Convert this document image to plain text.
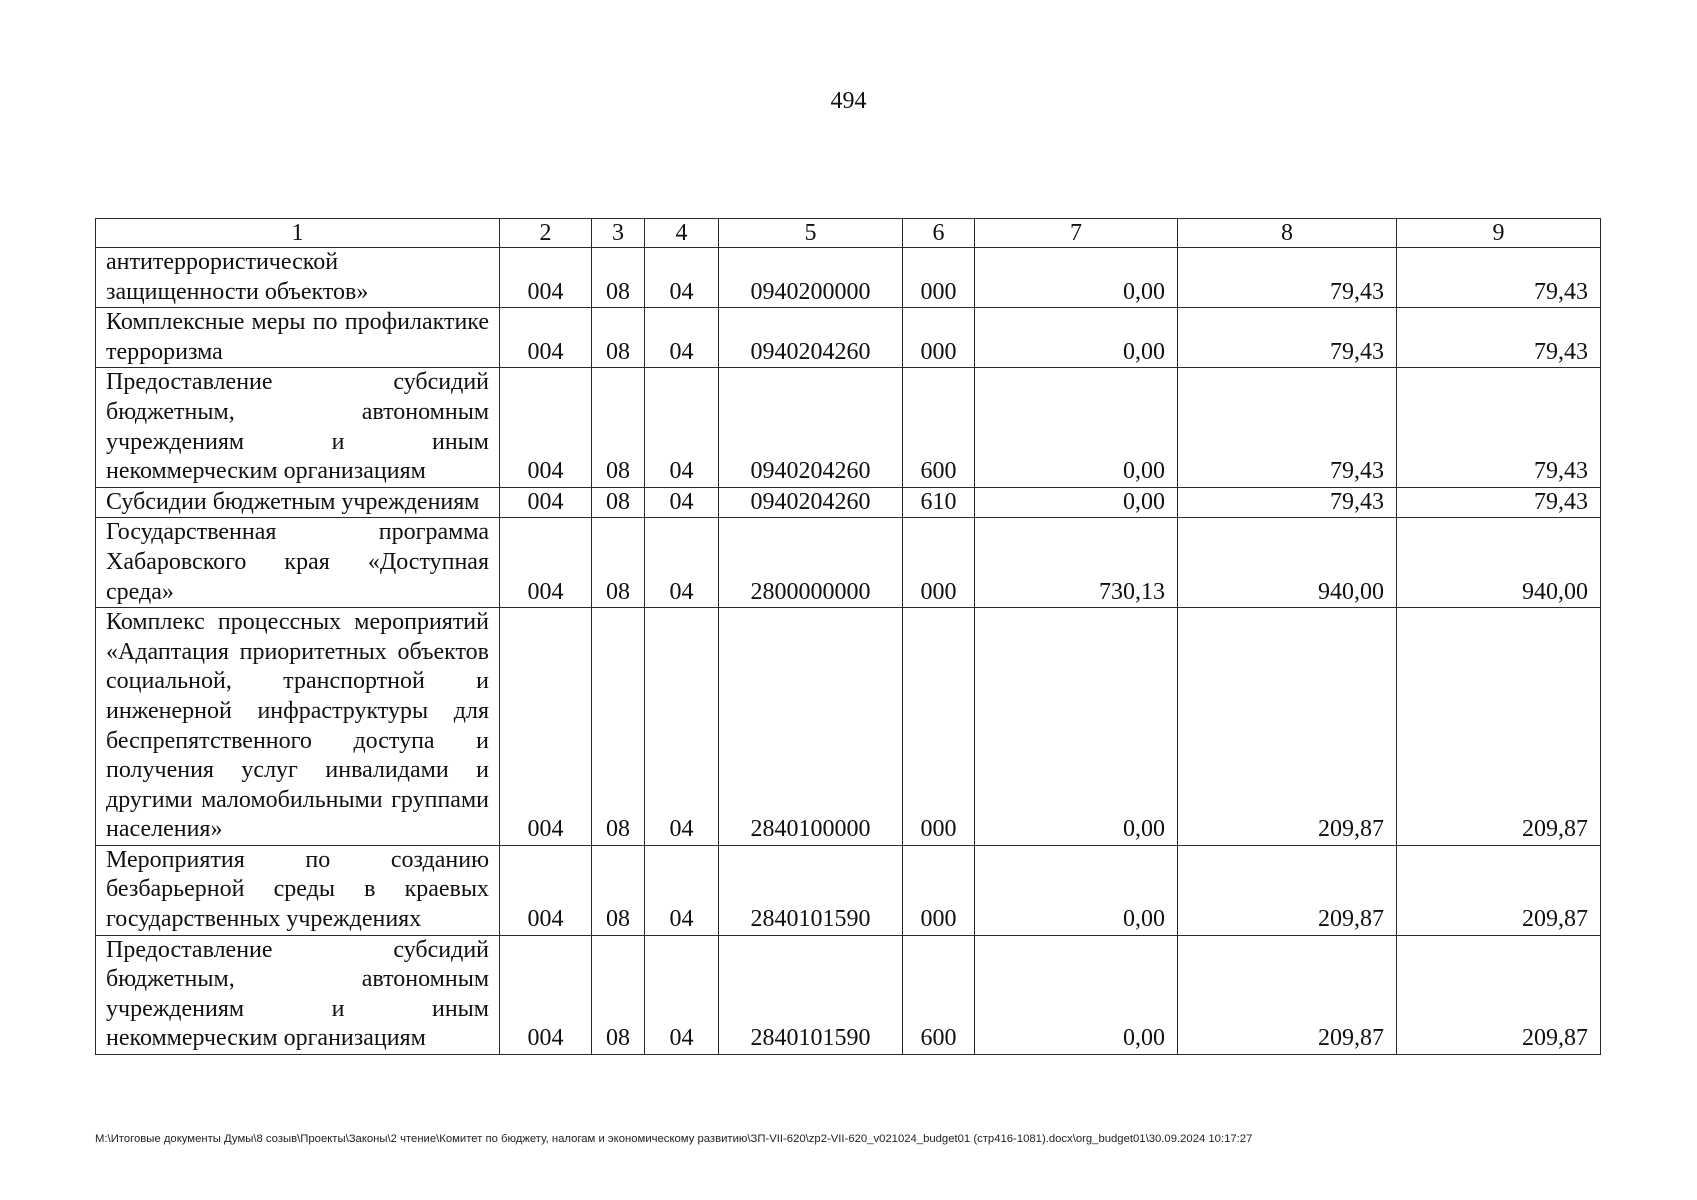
494
1	2	3	4	5	6	7	8	9
антитеррористической защищенности объектов»	004	08	04	0940200000	000	0,00	79,43	79,43
Комплексные меры по профилактике терроризма	004	08	04	0940204260	000	0,00	79,43	79,43
Предоставление субсидий бюджетным, автономным учреждениям и иным некоммерческим организациям	004	08	04	0940204260	600	0,00	79,43	79,43
Субсидии бюджетным учреждениям	004	08	04	0940204260	610	0,00	79,43	79,43
Государственная программа Хабаровского края «Доступная среда»	004	08	04	2800000000	000	730,13	940,00	940,00
Комплекс процессных мероприятий «Адаптация приоритетных объектов социальной, транспортной и инженерной инфраструктуры для беспрепятственного доступа и получения услуг инвалидами и другими маломобильными группами населения»	004	08	04	2840100000	000	0,00	209,87	209,87
Мероприятия по созданию безбарьерной среды в краевых государственных учреждениях	004	08	04	2840101590	000	0,00	209,87	209,87
Предоставление субсидий бюджетным, автономным учреждениям и иным некоммерческим организациям	004	08	04	2840101590	600	0,00	209,87	209,87
M:\Итоговые документы Думы\8 созыв\Проекты\Законы\2 чтение\Комитет по бюджету, налогам и экономическому развитию\ЗП-VII-620\zp2-VII-620_v021024_budget01 (стр416-1081).docx\org_budget01\30.09.2024 10:17:27
